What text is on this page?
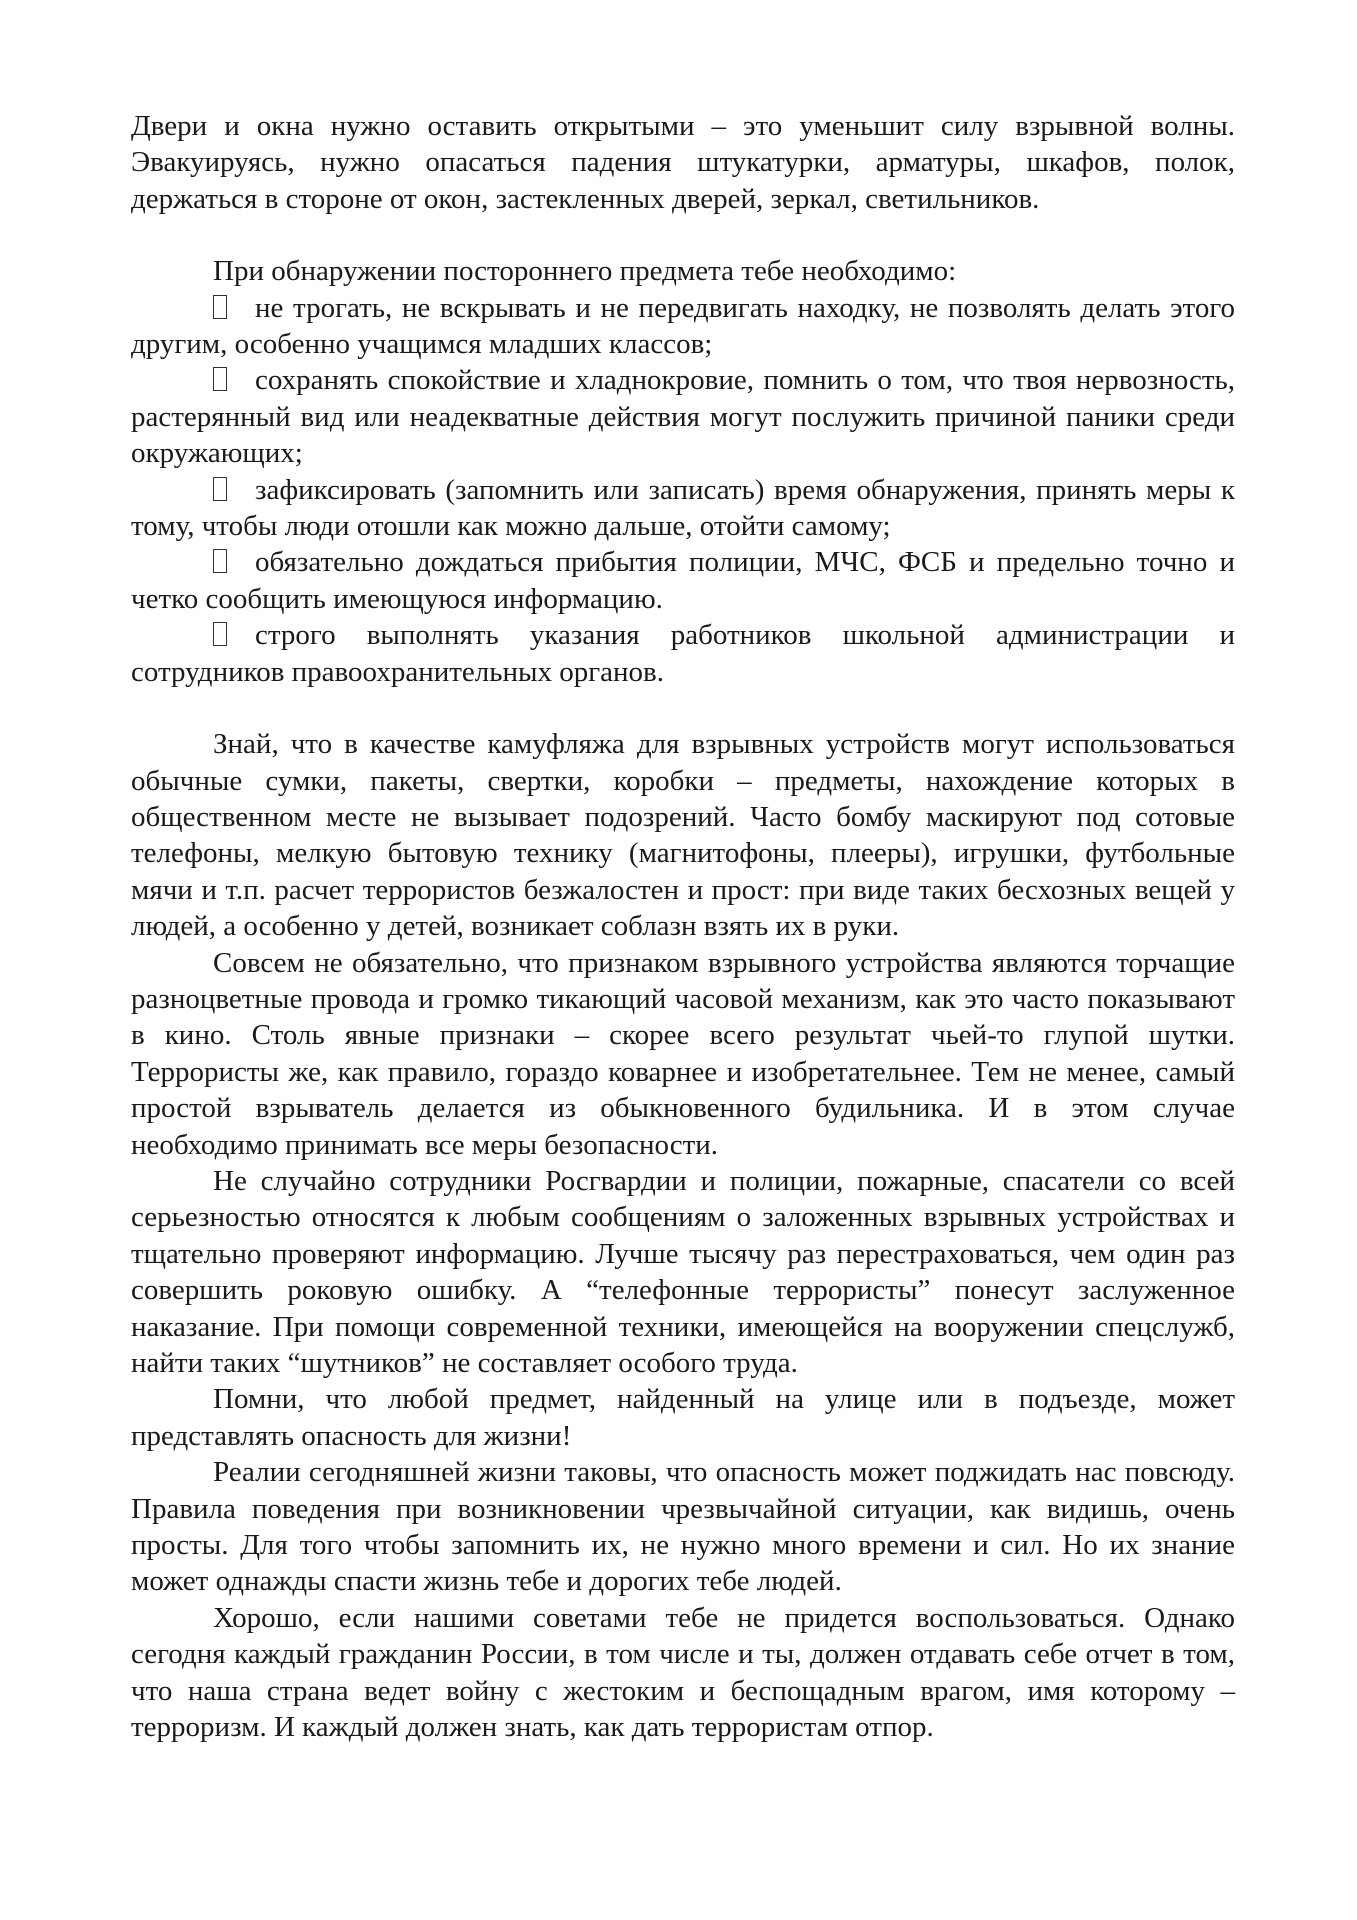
Двери и окна нужно оставить открытыми – это уменьшит силу взрывной волны. Эвакуируясь, нужно опасаться падения штукатурки, арматуры, шкафов, полок, держаться в стороне от окон, застекленных дверей, зеркал, светильников.

При обнаружении постороннего предмета тебе необходимо:

не трогать, не вскрывать и не передвигать находку, не позволять делать этого другим, особенно учащимся младших классов;

сохранять спокойствие и хладнокровие, помнить о том, что твоя нервозность, растерянный вид или неадекватные действия могут послужить причиной паники среди окружающих;

зафиксировать (запомнить или записать) время обнаружения, принять меры к тому, чтобы люди отошли как можно дальше, отойти самому;

обязательно дождаться прибытия полиции, МЧС, ФСБ и предельно точно и четко сообщить имеющуюся информацию.

строго выполнять указания работников школьной администрации и сотрудников правоохранительных органов.

Знай, что в качестве камуфляжа для взрывных устройств могут использоваться обычные сумки, пакеты, свертки, коробки – предметы, нахождение которых в общественном месте не вызывает подозрений. Часто бомбу маскируют под сотовые телефоны, мелкую бытовую технику (магнитофоны, плееры), игрушки, футбольные мячи и т.п. расчет террористов безжалостен и прост: при виде таких бесхозных вещей у людей, а особенно у детей, возникает соблазн взять их в руки.

Совсем не обязательно, что признаком взрывного устройства являются торчащие разноцветные провода и громко тикающий часовой механизм, как это часто показывают в кино. Столь явные признаки – скорее всего результат чьей-то глупой шутки. Террористы же, как правило, гораздо коварнее и изобретательнее. Тем не менее, самый простой взрыватель делается из обыкновенного будильника. И в этом случае необходимо принимать все меры безопасности.

Не случайно сотрудники Росгвардии и полиции, пожарные, спасатели со всей серьезностью относятся к любым сообщениям о заложенных взрывных устройствах и тщательно проверяют информацию. Лучше тысячу раз перестраховаться, чем один раз совершить роковую ошибку. А “телефонные террористы” понесут заслуженное наказание. При помощи современной техники, имеющейся на вооружении спецслужб, найти таких “шутников” не составляет особого труда.

Помни, что любой предмет, найденный на улице или в подъезде, может представлять опасность для жизни!

Реалии сегодняшней жизни таковы, что опасность может поджидать нас повсюду. Правила поведения при возникновении чрезвычайной ситуации, как видишь, очень просты. Для того чтобы запомнить их, не нужно много времени и сил. Но их знание может однажды спасти жизнь тебе и дорогих тебе людей.

Хорошо, если нашими советами тебе не придется воспользоваться. Однако сегодня каждый гражданин России, в том числе и ты, должен отдавать себе отчет в том, что наша страна ведет войну с жестоким и беспощадным врагом, имя которому – терроризм. И каждый должен знать, как дать террористам отпор.
